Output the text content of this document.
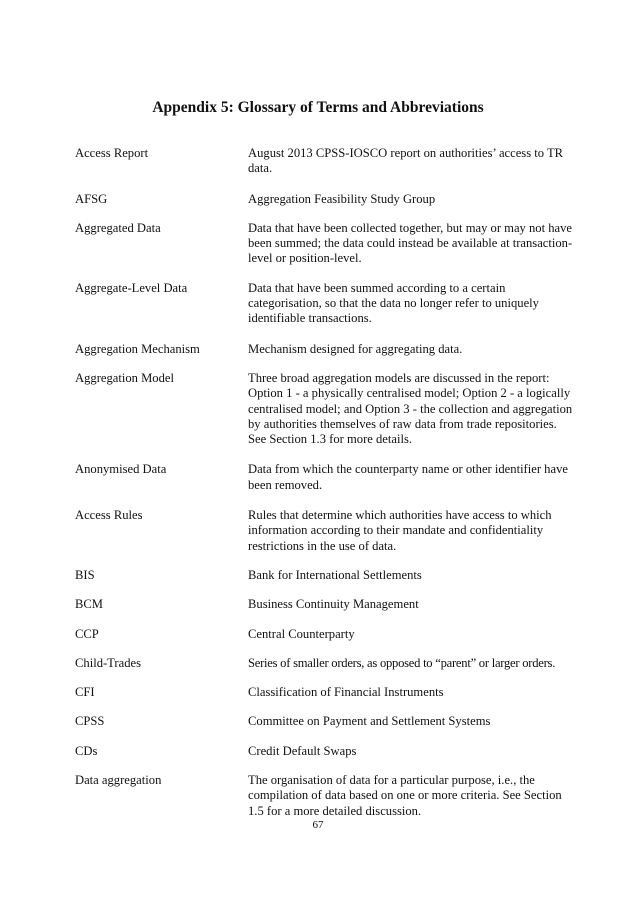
Appendix 5: Glossary of Terms and Abbreviations
Access Report	August 2013 CPSS-IOSCO report on authorities’ access to TR data.
AFSG	Aggregation Feasibility Study Group
Aggregated Data	Data that have been collected together, but may or may not have been summed; the data could instead be available at transaction-level or position-level.
Aggregate-Level Data	Data that have been summed according to a certain categorisation, so that the data no longer refer to uniquely identifiable transactions.
Aggregation Mechanism	Mechanism designed for aggregating data.
Aggregation Model	Three broad aggregation models are discussed in the report: Option 1 - a physically centralised model; Option 2 - a logically centralised model; and Option 3 - the collection and aggregation by authorities themselves of raw data from trade repositories. See Section 1.3 for more details.
Anonymised Data	Data from which the counterparty name or other identifier have been removed.
Access Rules	Rules that determine which authorities have access to which information according to their mandate and confidentiality restrictions in the use of data.
BIS	Bank for International Settlements
BCM	Business Continuity Management
CCP	Central Counterparty
Child-Trades	Series of smaller orders, as opposed to “parent” or larger orders.
CFI	Classification of Financial Instruments
CPSS	Committee on Payment and Settlement Systems
CDs	Credit Default Swaps
Data aggregation	The organisation of data for a particular purpose, i.e., the compilation of data based on one or more criteria. See Section 1.5 for a more detailed discussion.
67
